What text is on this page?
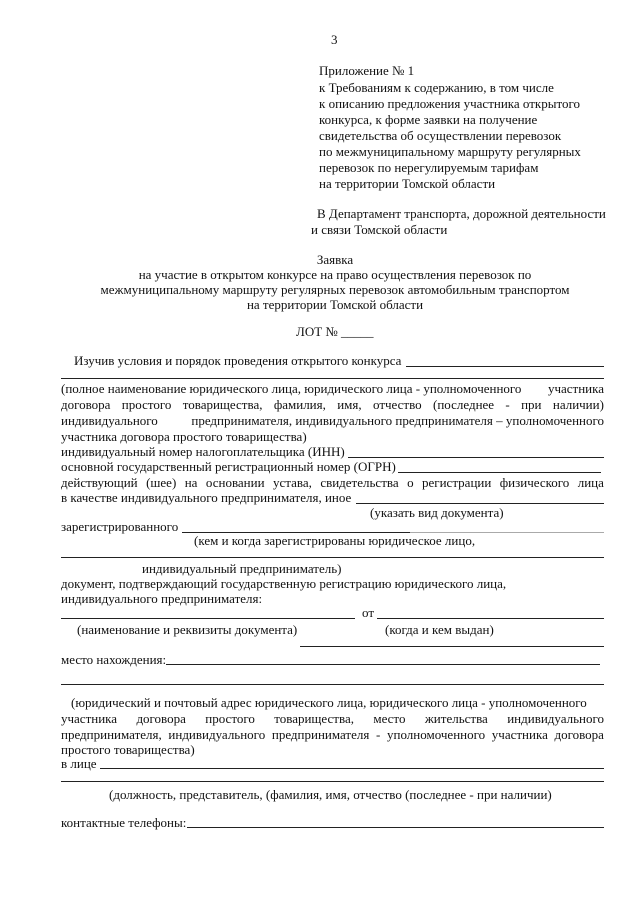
3
Приложение № 1
к Требованиям к содержанию, в том числе
к описанию предложения участника открытого
конкурса, к форме заявки на получение
свидетельства об осуществлении перевозок
по межмуниципальному маршруту регулярных
перевозок по нерегулируемым тарифам
на территории Томской области
В Департамент транспорта, дорожной деятельности
и связи Томской области
Заявка
на участие в открытом конкурсе на право осуществления перевозок по
межмуниципальному маршруту регулярных перевозок автомобильным транспортом
на территории Томской области
ЛОТ № _____
Изучив условия и порядок проведения открытого конкурса
(полное наименование юридического лица, юридического лица - уполномоченного участника
договора простого товарищества, фамилия, имя, отчество (последнее - при наличии)
индивидуального	предпринимателя, индивидуального предпринимателя – уполномоченного
участника договора простого товарищества)
индивидуальный номер налогоплательщика (ИНН)
основной государственный регистрационный номер (ОГРН)
действующий (шее) на основании устава, свидетельства о регистрации физического лица
в качестве индивидуального предпринимателя, иное
(указать вид документа)
зарегистрированного
(кем и когда зарегистрированы юридическое лицо,
индивидуальный предприниматель)
документ, подтверждающий государственную регистрацию юридического лица,
индивидуального предпринимателя:
от
(наименование и реквизиты документа)	(когда и кем выдан)
место нахождения:
(юридический и почтовый адрес юридического лица, юридического лица - уполномоченного
участника договора простого товарищества, место жительства индивидуального
предпринимателя, индивидуального предпринимателя - уполномоченного участника договора
простого товарищества)
в лице
(должность, представитель, (фамилия, имя, отчество (последнее - при наличии)
контактные телефоны:
